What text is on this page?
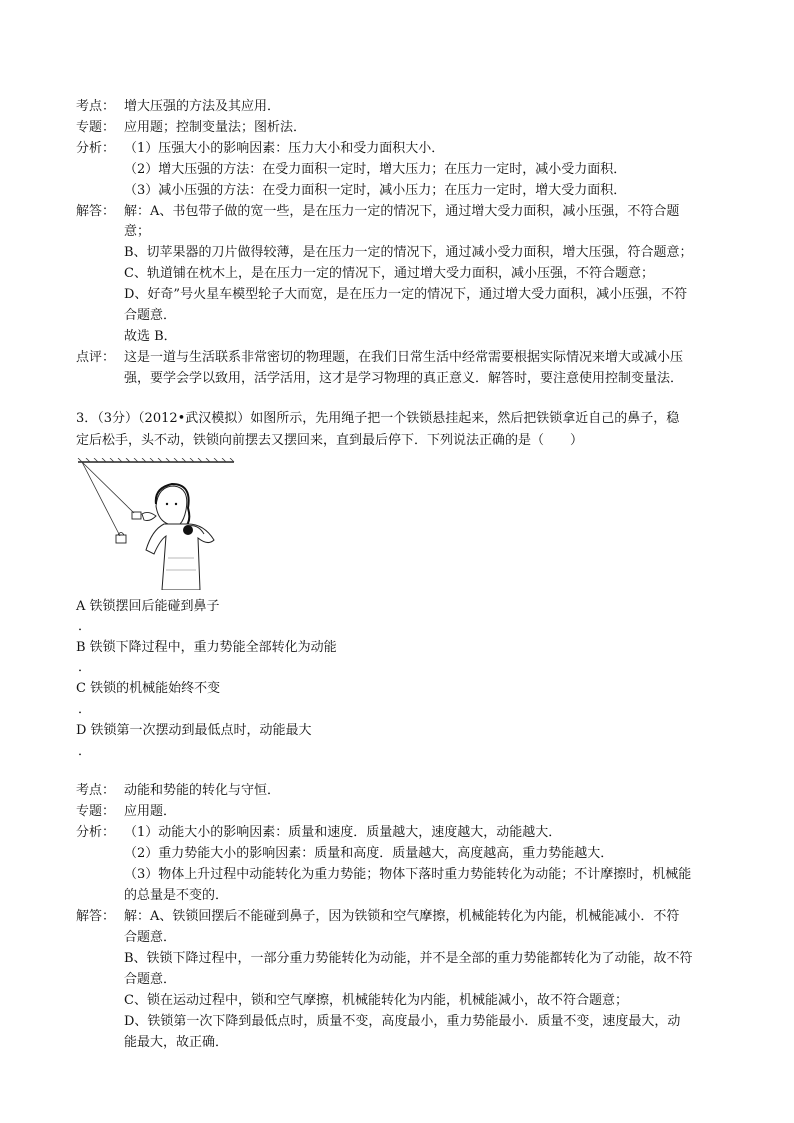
考点： 增大压强的方法及其应用．
专题： 应用题；控制变量法；图析法．
分析： （1）压强大小的影响因素：压力大小和受力面积大小．
（2）增大压强的方法：在受力面积一定时，增大压力；在压力一定时，减小受力面积．
（3）减小压强的方法：在受力面积一定时，减小压力；在压力一定时，增大受力面积．
解答： 解：A、书包带子做的宽一些，是在压力一定的情况下，通过增大受力面积，减小压强，不符合题
意；
B、切苹果器的刀片做得较薄，是在压力一定的情况下，通过减小受力面积，增大压强，符合题意；
C、轨道铺在枕木上，是在压力一定的情况下，通过增大受力面积，减小压强，不符合题意；
D、好奇”号火星车模型轮子大而宽，是在压力一定的情况下，通过增大受力面积，减小压强，不符
合题意．
故选 B．
点评： 这是一道与生活联系非常密切的物理题，在我们日常生活中经常需要根据实际情况来增大或减小压
强，要学会学以致用，活学活用，这才是学习物理的真正意义．解答时，要注意使用控制变量法．
3．（3分）（2012•武汉模拟）如图所示，先用绳子把一个铁锁悬挂起来，然后把铁锁拿近自己的鼻子，稳
定后松手，头不动，铁锁向前摆去又摆回来，直到最后停下．下列说法正确的是（　　）
A 铁锁摆回后能碰到鼻子
．
B 铁锁下降过程中，重力势能全部转化为动能
．
C 铁锁的机械能始终不变
．
D 铁锁第一次摆动到最低点时，动能最大
．
考点： 动能和势能的转化与守恒．
专题： 应用题．
分析： （1）动能大小的影响因素：质量和速度．质量越大，速度越大，动能越大．
（2）重力势能大小的影响因素：质量和高度．质量越大，高度越高，重力势能越大．
（3）物体上升过程中动能转化为重力势能；物体下落时重力势能转化为动能；不计摩擦时，机械能
的总量是不变的．
解答： 解：A、铁锁回摆后不能碰到鼻子，因为铁锁和空气摩擦，机械能转化为内能，机械能减小．不符
合题意．
B、铁锁下降过程中，一部分重力势能转化为动能，并不是全部的重力势能都转化为了动能，故不符
合题意．
C、锁在运动过程中，锁和空气摩擦，机械能转化为内能，机械能减小，故不符合题意；
D、铁锁第一次下降到最低点时，质量不变，高度最小，重力势能最小．质量不变，速度最大，动
能最大，故正确．
